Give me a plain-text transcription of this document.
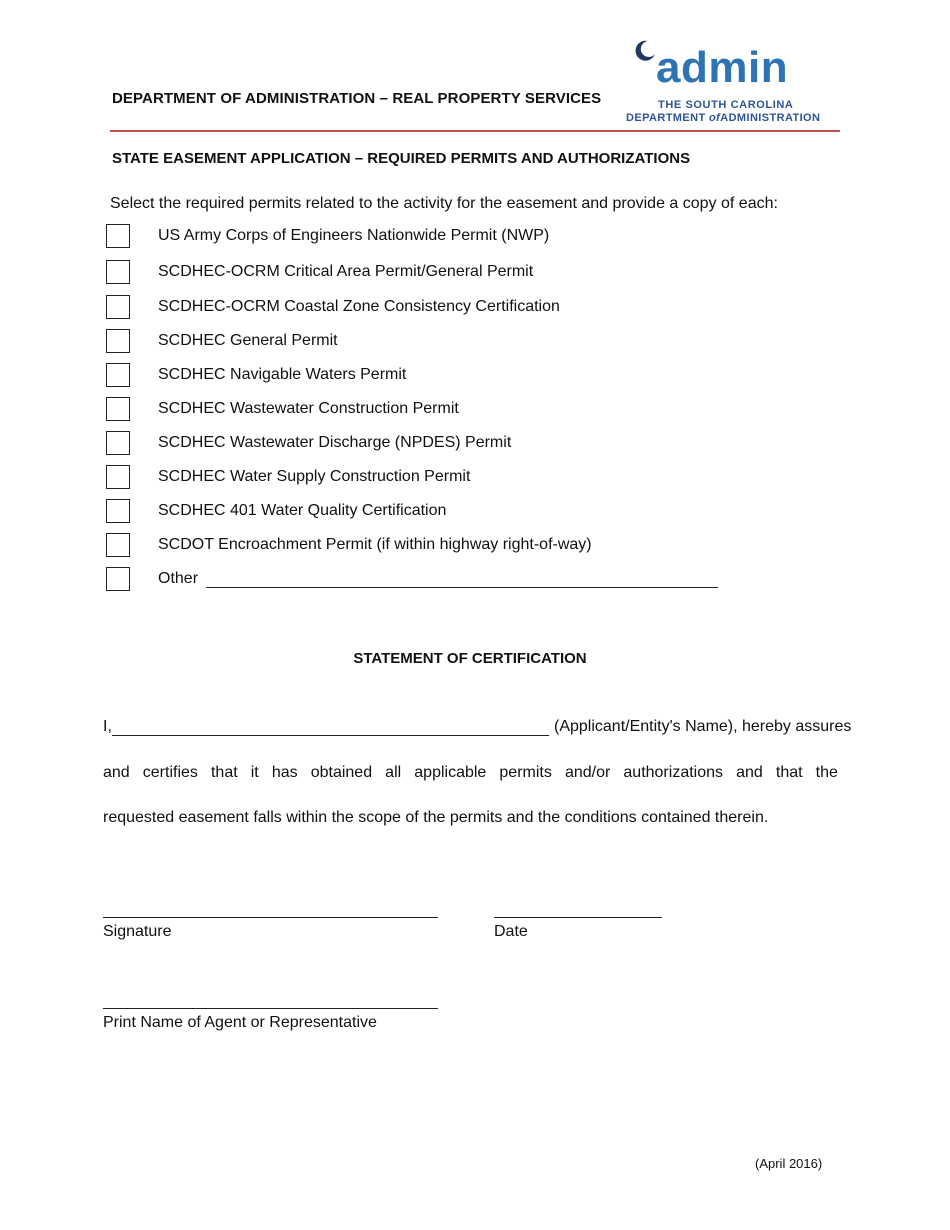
DEPARTMENT OF ADMINISTRATION – REAL PROPERTY SERVICES
admin
THE SOUTH CAROLINA
DEPARTMENT ofADMINISTRATION
STATE EASEMENT APPLICATION – REQUIRED PERMITS AND AUTHORIZATIONS
Select the required permits related to the activity for the easement and provide a copy of each:
US Army Corps of Engineers Nationwide Permit (NWP)
SCDHEC-OCRM Critical Area Permit/General Permit
SCDHEC-OCRM Coastal Zone Consistency Certification
SCDHEC General Permit
SCDHEC Navigable Waters Permit
SCDHEC Wastewater Construction Permit
SCDHEC Wastewater Discharge (NPDES) Permit
SCDHEC Water Supply Construction Permit
SCDHEC 401 Water Quality Certification
SCDOT Encroachment Permit (if within highway right-of-way)
Other
STATEMENT OF CERTIFICATION
I,	(Applicant/Entity's Name), hereby assures
and certifies that it has obtained all applicable permits and/or authorizations and that the
requested easement falls within the scope of the permits and the conditions contained therein.
Signature	Date
Print Name of Agent or Representative
(April 2016)
